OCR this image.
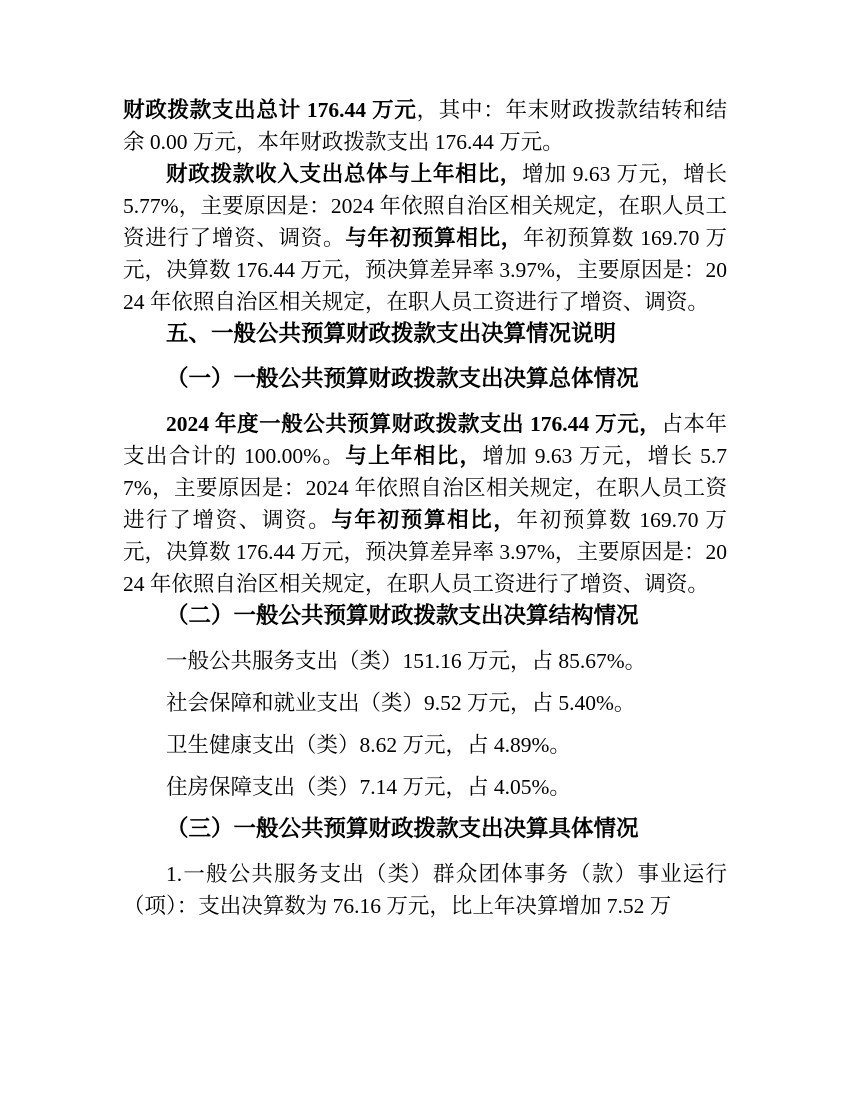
财政拨款支出总计 176.44 万元，其中：年末财政拨款结转和结余 0.00 万元，本年财政拨款支出 176.44 万元。

财政拨款收入支出总体与上年相比，增加 9.63 万元，增长 5.77%，主要原因是：2024 年依照自治区相关规定，在职人员工资进行了增资、调资。与年初预算相比，年初预算数 169.70 万元，决算数 176.44 万元，预决算差异率 3.97%，主要原因是：2024 年依照自治区相关规定，在职人员工资进行了增资、调资。

五、一般公共预算财政拨款支出决算情况说明
（一）一般公共预算财政拨款支出决算总体情况

2024 年度一般公共预算财政拨款支出 176.44 万元，占本年支出合计的 100.00%。与上年相比，增加 9.63 万元，增长 5.77%，主要原因是：2024 年依照自治区相关规定，在职人员工资进行了增资、调资。与年初预算相比，年初预算数 169.70 万元，决算数 176.44 万元，预决算差异率 3.97%，主要原因是：2024 年依照自治区相关规定，在职人员工资进行了增资、调资。

（二）一般公共预算财政拨款支出决算结构情况

一般公共服务支出（类）151.16 万元，占 85.67%。

社会保障和就业支出（类）9.52 万元，占 5.40%。

卫生健康支出（类）8.62 万元，占 4.89%。

住房保障支出（类）7.14 万元，占 4.05%。

（三）一般公共预算财政拨款支出决算具体情况

1.一般公共服务支出（类）群众团体事务（款）事业运行（项）：支出决算数为 76.16 万元，比上年决算增加 7.52 万
